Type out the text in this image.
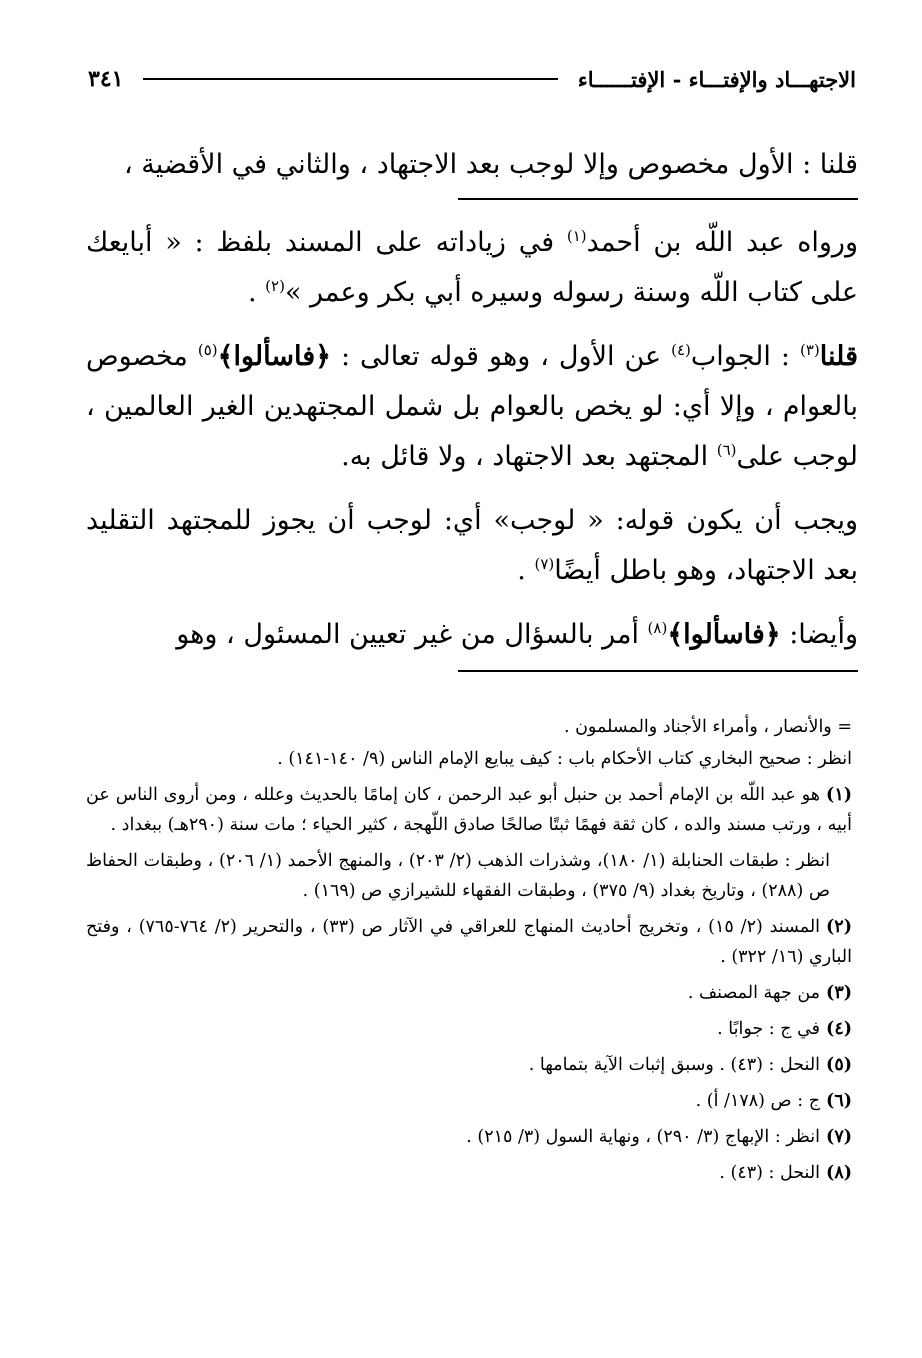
الاجتهـــاد والإفتـــاء - الإفتــــــاء
٣٤١

قلنا : الأول مخصوص وإلا لوجب بعد الاجتهاد ، والثاني في الأقضية ،

ورواه عبد اللّه بن أحمد$^{(١)}$ في زياداته على المسند بلفظ : « أبايعك على كتاب اللّه وسنة رسوله وسيره أبي بكر وعمر »$^{(٢)}$ .

قلنا$^{(٣)}$ : الجواب$^{(٤)}$ عن الأول ، وهو قوله تعالى : ﴿فاسألوا﴾$^{(٥)}$ مخصوص بالعوام ، وإلا أي: لو يخص بالعوام بل شمل المجتهدين الغير العالمين ، لوجب على$^{(٦)}$ المجتهد بعد الاجتهاد ، ولا قائل به.

ويجب أن يكون قوله: « لوجب» أي: لوجب أن يجوز للمجتهد التقليد بعد الاجتهاد، وهو باطل أيضًا$^{(٧)}$ .

وأيضا: ﴿فاسألوا﴾$^{(٨)}$ أمر بالسؤال من غير تعيين المسئول ، وهو

= والأنصار ، وأمراء الأجناد والمسلمون .

انظر : صحيح البخاري كتاب الأحكام باب : كيف يبايع الإمام الناس (٩/ ١٤٠-١٤١) .

(١)هو عبد اللّه بن الإمام أحمد بن حنبل أبو عبد الرحمن ، كان إمامًا بالحديث وعلله ، ومن أروى الناس عن أبيه ، ورتب مسند والده ، كان ثقة فهمًا ثبتًا صالحًا صادق اللّهجة ، كثير الحياء ؛ مات سنة (٢٩٠هـ) ببغداد .

انظر : طبقات الحنابلة (١/ ١٨٠)، وشذرات الذهب (٢/ ٢٠٣) ، والمنهج الأحمد (١/ ٢٠٦) ، وطبقات الحفاظ ص (٢٨٨) ، وتاريخ بغداد (٩/ ٣٧٥) ، وطبقات الفقهاء للشيرازي ص (١٦٩) .

(٢)المسند (٢/ ١٥) ، وتخريج أحاديث المنهاج للعراقي في الآثار ص (٣٣) ، والتحرير (٢/ ٧٦٤-٧٦٥) ، وفتح الباري (١٦/ ٣٢٢) .

(٣)من جهة المصنف .

(٤)في ج : جوابًا .

(٥)النحل : (٤٣) . وسبق إثبات الآية بتمامها .

(٦)ج : ص (١٧٨/ أ) .

(٧)انظر : الإبهاج (٣/ ٢٩٠) ، ونهاية السول (٣/ ٢١٥) .

(٨)النحل : (٤٣) .
